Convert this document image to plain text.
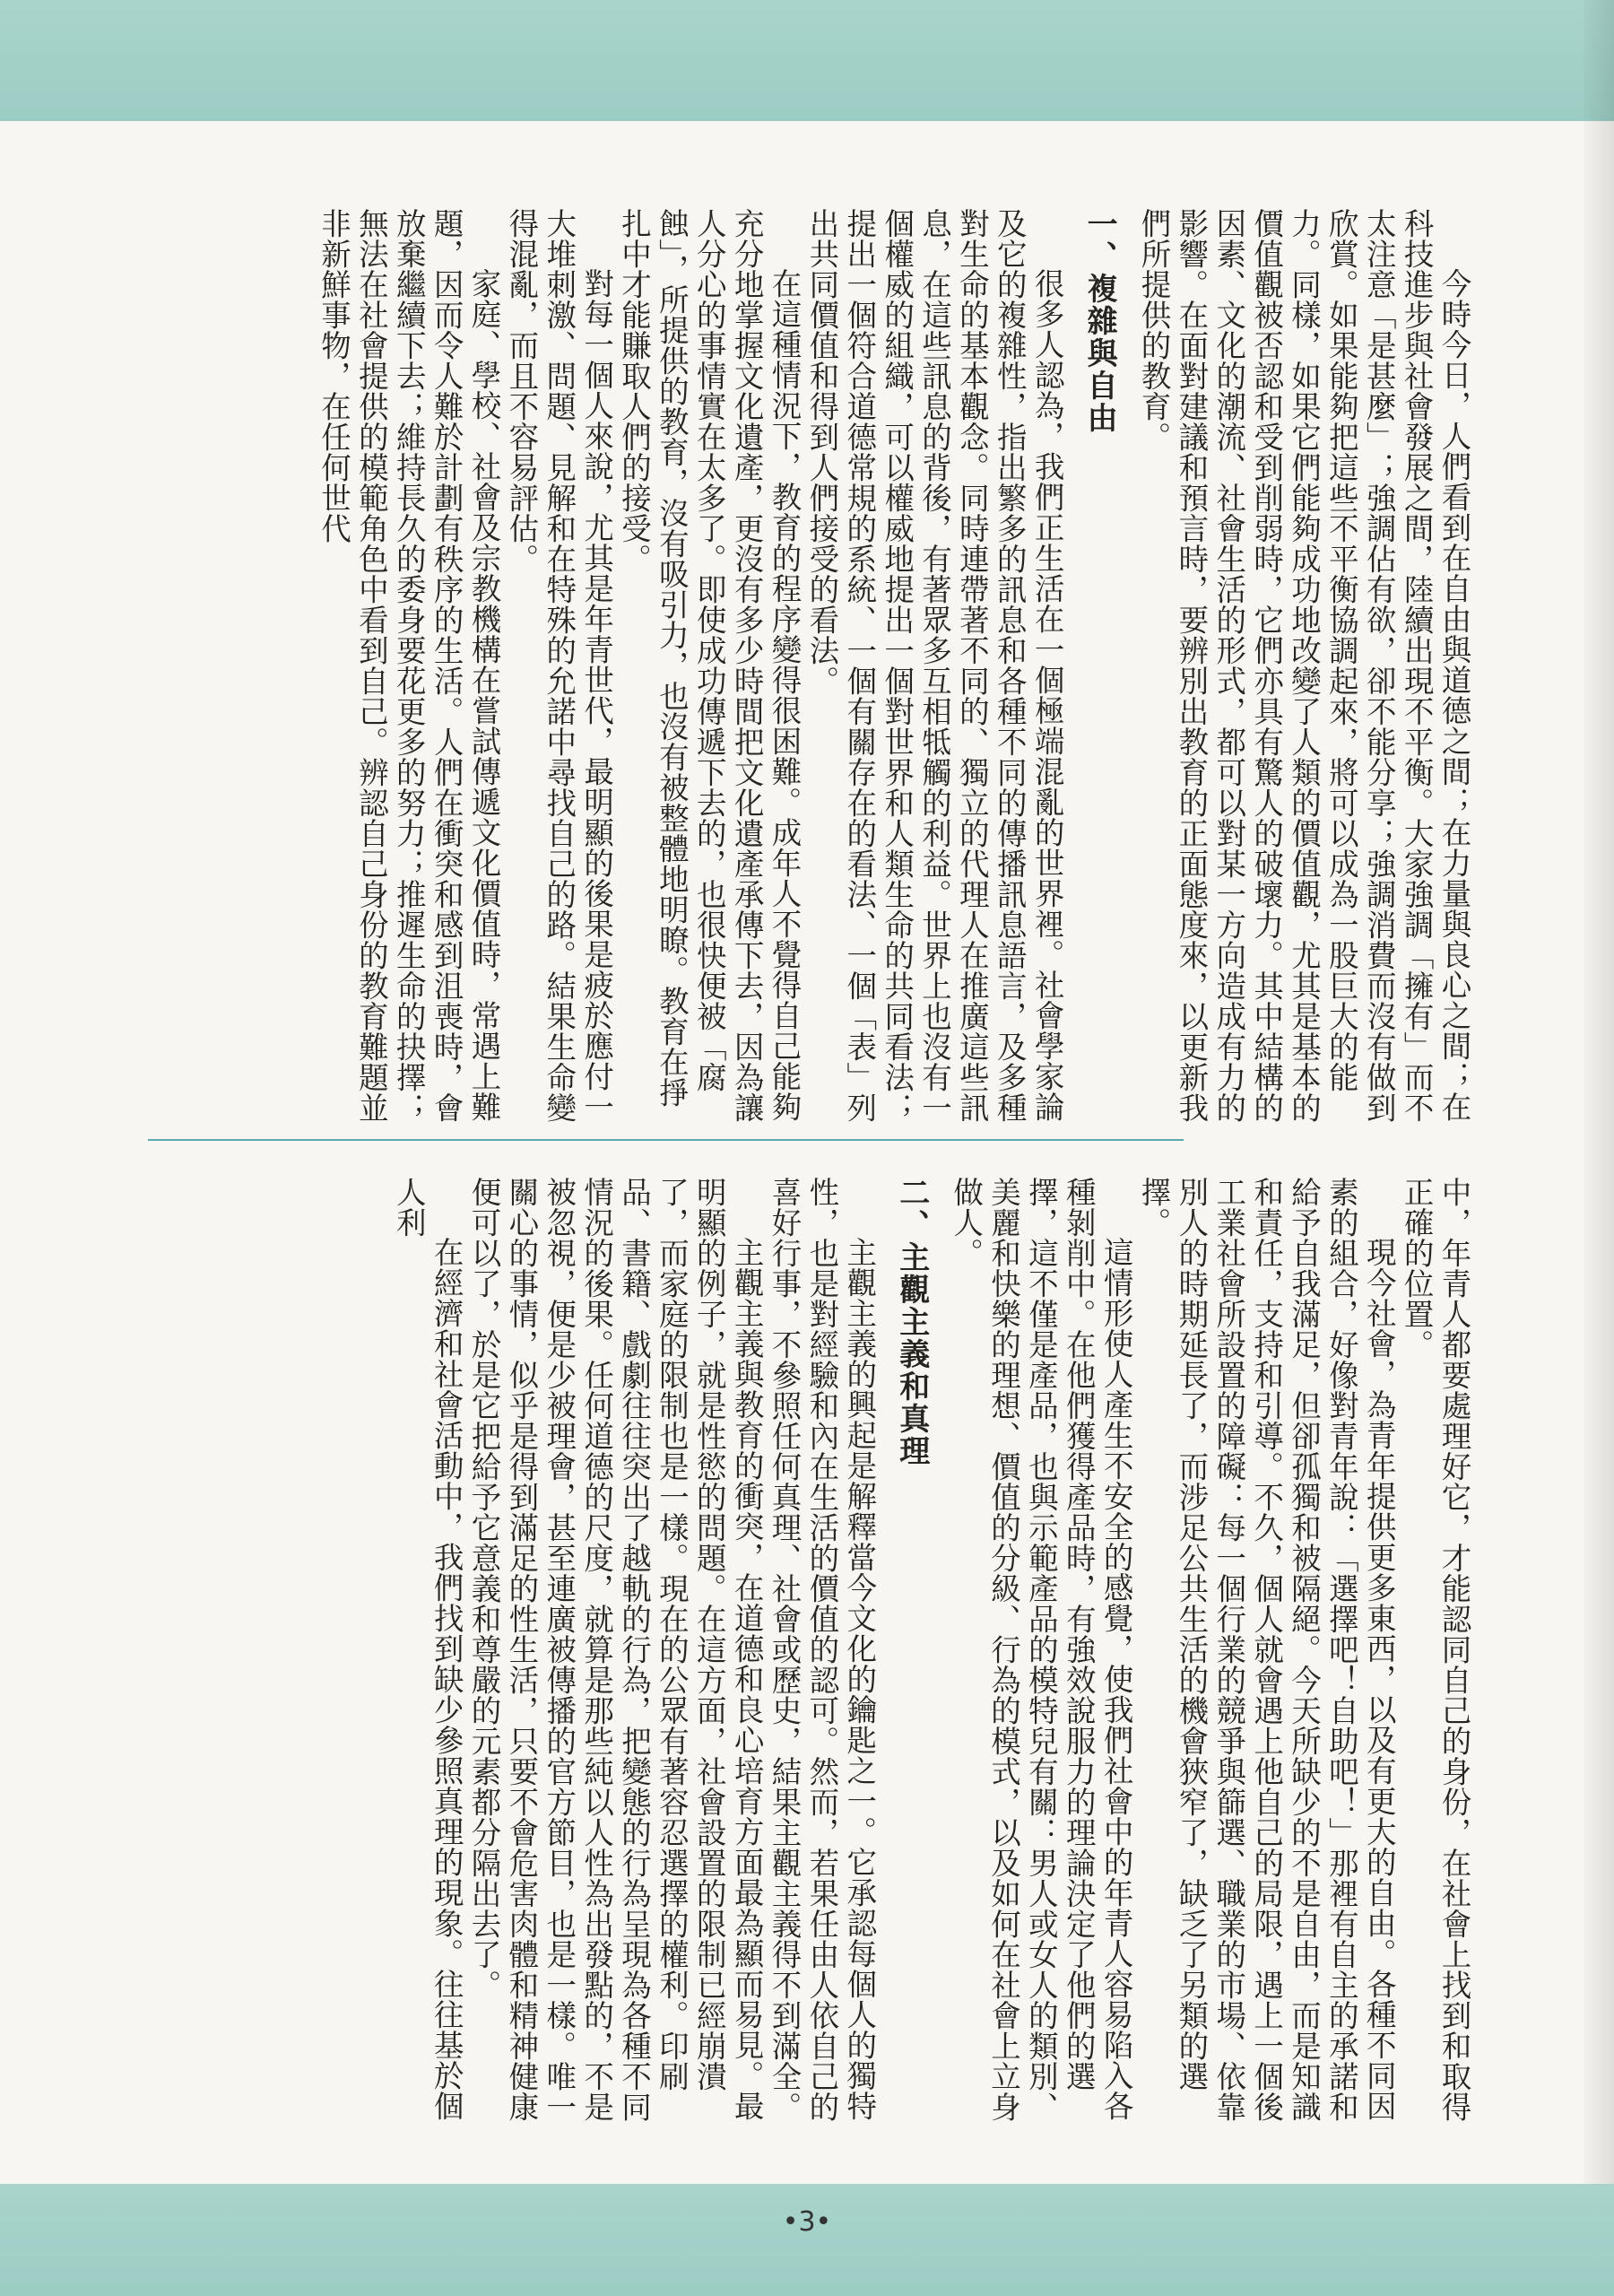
今時今日，人們看到在自由與道德之間；在力量與良心之間；在科技進步與社會發展之間，陸續出現不平衡。大家強調「擁有」而不太注意「是甚麼」；強調佔有欲，卻不能分享；強調消費而沒有做到欣賞。如果能夠把這些不平衡協調起來，將可以成為一股巨大的能力。同樣，如果它們能夠成功地改變了人類的價值觀，尤其是基本的價值觀被否認和受到削弱時，它們亦具有驚人的破壞力。其中結構的因素、文化的潮流、社會生活的形式，都可以對某一方向造成有力的影響。在面對建議和預言時，要辨別出教育的正面態度來，以更新我們所提供的教育。

一、複雜與自由

很多人認為，我們正生活在一個極端混亂的世界裡。社會學家論及它的複雜性，指出繁多的訊息和各種不同的傳播訊息語言，及多種對生命的基本觀念。同時連帶著不同的、獨立的代理人在推廣這些訊息，在這些訊息的背後，有著眾多互相牴觸的利益。世界上也沒有一個權威的組織，可以權威地提出一個對世界和人類生命的共同看法；提出一個符合道德常規的系統、一個有關存在的看法、一個「表」列出共同價值和得到人們接受的看法。

在這種情況下，教育的程序變得很困難。成年人不覺得自己能夠充分地掌握文化遺產，更沒有多少時間把文化遺產承傳下去，因為讓人分心的事情實在太多了。即使成功傳遞下去的，也很快便被「腐蝕」，所提供的教育，沒有吸引力，也沒有被整體地明瞭。教育在掙扎中才能賺取人們的接受。

對每一個人來說，尤其是年青世代，最明顯的後果是疲於應付一大堆刺激、問題、見解和在特殊的允諾中尋找自己的路。結果生命變得混亂，而且不容易評估。

家庭、學校、社會及宗教機構在嘗試傳遞文化價值時，常遇上難題，因而令人難於計劃有秩序的生活。人們在衝突和感到沮喪時，會放棄繼續下去；維持長久的委身要花更多的努力；推遲生命的抉擇；無法在社會提供的模範角色中看到自己。辨認自己身份的教育難題並非新鮮事物，在任何世代

中，年青人都要處理好它，才能認同自己的身份，在社會上找到和取得正確的位置。

現今社會，為青年提供更多東西，以及有更大的自由。各種不同因素的組合，好像對青年說：「選擇吧！自助吧！」那裡有自主的承諾和給予自我滿足，但卻孤獨和被隔絕。今天所缺少的不是自由，而是知識和責任，支持和引導。不久，個人就會遇上他自己的局限，遇上一個後工業社會所設置的障礙：每一個行業的競爭與篩選、職業的市場、依靠別人的時期延長了，而涉足公共生活的機會狹窄了，缺乏了另類的選擇。

這情形使人產生不安全的感覺，使我們社會中的年青人容易陷入各種剝削中。在他們獲得產品時，有強效說服力的理論決定了他們的選擇，這不僅是產品，也與示範產品的模特兒有關：男人或女人的類別、美麗和快樂的理想、價值的分級、行為的模式，以及如何在社會上立身做人。

二、主觀主義和真理

主觀主義的興起是解釋當今文化的鑰匙之一。它承認每個人的獨特性，也是對經驗和內在生活的價值的認可。然而，若果任由人依自己的喜好行事，不參照任何真理、社會或歷史，結果主觀主義得不到滿全。

主觀主義與教育的衝突，在道德和良心培育方面最為顯而易見。最明顯的例子，就是性慾的問題。在這方面，社會設置的限制已經崩潰了，而家庭的限制也是一樣。現在的公眾有著容忍選擇的權利。印刷品、書籍、戲劇往往突出了越軌的行為，把變態的行為呈現為各種不同情況的後果。任何道德的尺度，就算是那些純以人性為出發點的，不是被忽視，便是少被理會，甚至連廣被傳播的官方節目，也是一樣。唯一關心的事情，似乎是得到滿足的性生活，只要不會危害肉體和精神健康便可以了，於是它把給予它意義和尊嚴的元素都分隔出去了。

在經濟和社會活動中，我們找到缺少參照真理的現象。往往基於個人利

•3•
